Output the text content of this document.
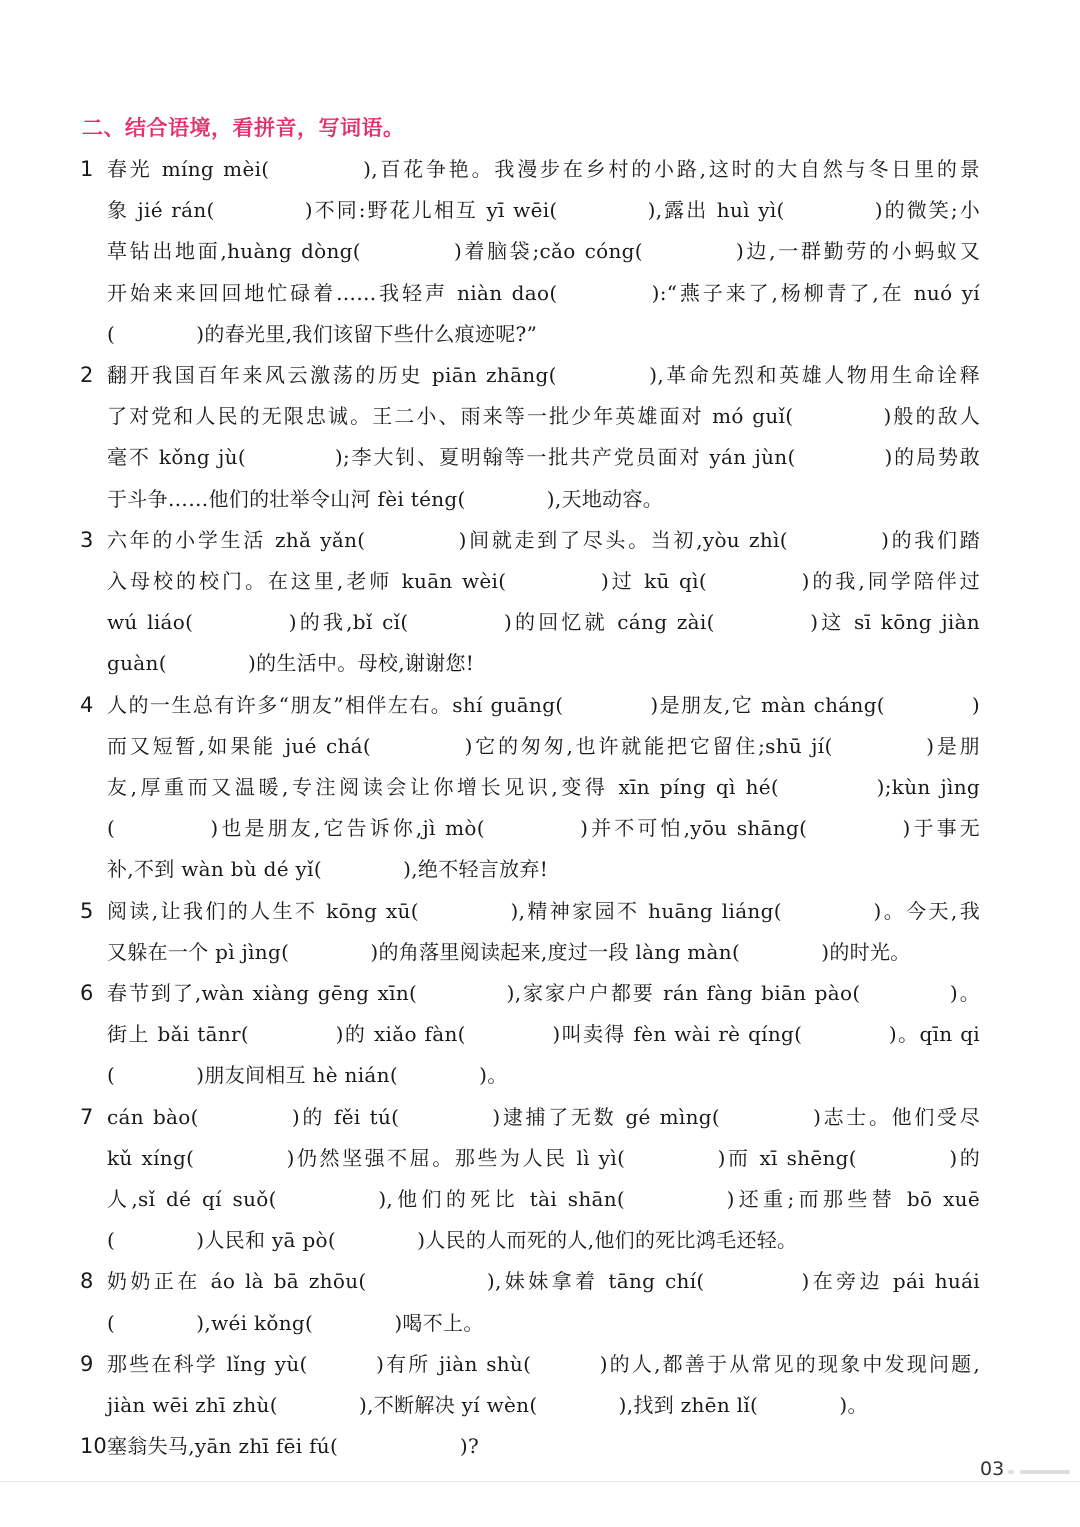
二、结合语境，看拼音，写词语。
1 春光 míng mèi(　　　　),百花争艳。我漫步在乡村的小路,这时的大自然与冬日里的景
象 jié rán(　　　　)不同:野花儿相互 yī wēi(　　　　),露出 huì yì(　　　　)的微笑;小
草钻出地面,huàng dòng(　　　　)着脑袋;cǎo cóng(　　　　)边,一群勤劳的小蚂蚁又
开始来来回回地忙碌着……我轻声 niàn dao(　　　　):“燕子来了,杨柳青了,在 nuó yí
(　　　　)的春光里,我们该留下些什么痕迹呢?”
2 翻开我国百年来风云激荡的历史 piān zhāng(　　　　),革命先烈和英雄人物用生命诠释
了对党和人民的无限忠诚。王二小、雨来等一批少年英雄面对 mó guǐ(　　　　)般的敌人
毫不 kǒng jù(　　　　);李大钊、夏明翰等一批共产党员面对 yán jùn(　　　　)的局势敢
于斗争……他们的壮举令山河 fèi téng(　　　　),天地动容。
3 六年的小学生活 zhǎ yǎn(　　　　)间就走到了尽头。当初,yòu zhì(　　　　)的我们踏
入母校的校门。在这里,老师 kuān wèi(　　　　)过 kū qì(　　　　)的我,同学陪伴过
wú liáo(　　　　)的我,bǐ cǐ(　　　　)的回忆就 cáng zài(　　　　)这 sī kōng jiàn
guàn(　　　　)的生活中。母校,谢谢您!
4 人的一生总有许多“朋友”相伴左右。shí guāng(　　　　)是朋友,它 màn cháng(　　　　)
而又短暂,如果能 jué chá(　　　　)它的匆匆,也许就能把它留住;shū jí(　　　　)是朋
友,厚重而又温暖,专注阅读会让你增长见识,变得 xīn píng qì hé(　　　　);kùn jìng
(　　　　)也是朋友,它告诉你,jì mò(　　　　)并不可怕,yōu shāng(　　　　)于事无
补,不到 wàn bù dé yǐ(　　　　),绝不轻言放弃!
5 阅读,让我们的人生不 kōng xū(　　　　),精神家园不 huāng liáng(　　　　)。今天,我
又躲在一个 pì jìng(　　　　)的角落里阅读起来,度过一段 làng màn(　　　　)的时光。
6 春节到了,wàn xiàng gēng xīn(　　　　),家家户户都要 rán fàng biān pào(　　　　)。
街上 bǎi tānr(　　　　)的 xiǎo fàn(　　　　)叫卖得 fèn wài rè qíng(　　　　)。qīn qi
(　　　　)朋友间相互 hè nián(　　　　)。
7 cán bào(　　　　)的 fěi tú(　　　　)逮捕了无数 gé mìng(　　　　)志士。他们受尽
kǔ xíng(　　　　)仍然坚强不屈。那些为人民 lì yì(　　　　)而 xī shēng(　　　　)的
人,sǐ dé qí suǒ(　　　　),他们的死比 tài shān(　　　　)还重;而那些替 bō xuē
(　　　　)人民和 yā pò(　　　　)人民的人而死的人,他们的死比鸿毛还轻。
8 奶奶正在 áo là bā zhōu(　　　　　),妹妹拿着 tāng chí(　　　　)在旁边 pái huái
(　　　　),wéi kǒng(　　　　)喝不上。
9 那些在科学 lǐng yù(　　　)有所 jiàn shù(　　　)的人,都善于从常见的现象中发现问题,
jiàn wēi zhī zhù(　　　　),不断解决 yí wèn(　　　　),找到 zhēn lǐ(　　　　)。
10 塞翁失马,yān zhī fēi fú(　　　　　　)?
03
